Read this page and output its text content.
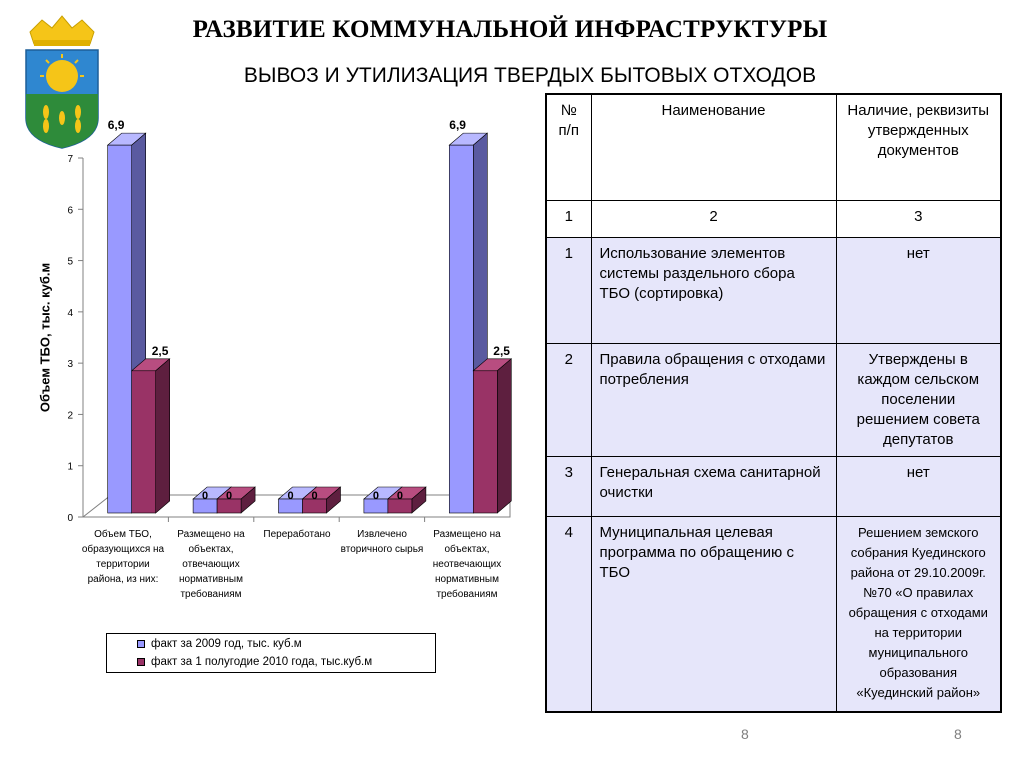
РАЗВИТИЕ КОММУНАЛЬНОЙ ИНФРАСТРУКТУРЫ
ВЫВОЗ И УТИЛИЗАЦИЯ ТВЕРДЫХ БЫТОВЫХ ОТХОДОВ
0
1
2
3
4
5
6
7
6,9
2,5
0 0	0 0	0 0
6,9
2,5
Объем ТБО, тыс. куб.м
Объем ТБО, образующихся на территории района, из них:
Размещено на объектах, отвечающих нормативным требованиям
Переработано	Извлечено вторичного сырья
Размещено на объектах, неотвечающих нормативным требованиям
факт за 2009 год, тыс. куб.м
факт за 1 полугодие 2010 года, тыс.куб.м
№ п/п	Наименование	Наличие, реквизиты утвержденных документов
1	2	3
1	Использование элементов системы раздельного сбора ТБО (сортировка)	нет
2	Правила обращения с отходами потребления	Утверждены в каждом сельском поселении решением совета депутатов
3	Генеральная схема санитарной очистки	нет
4	Муниципальная целевая программа по обращению с ТБО	Решением земского собрания Куединского района от 29.10.2009г. №70 «О правилах обращения с отходами на территории муниципального образования «Куединский район»
8	8
